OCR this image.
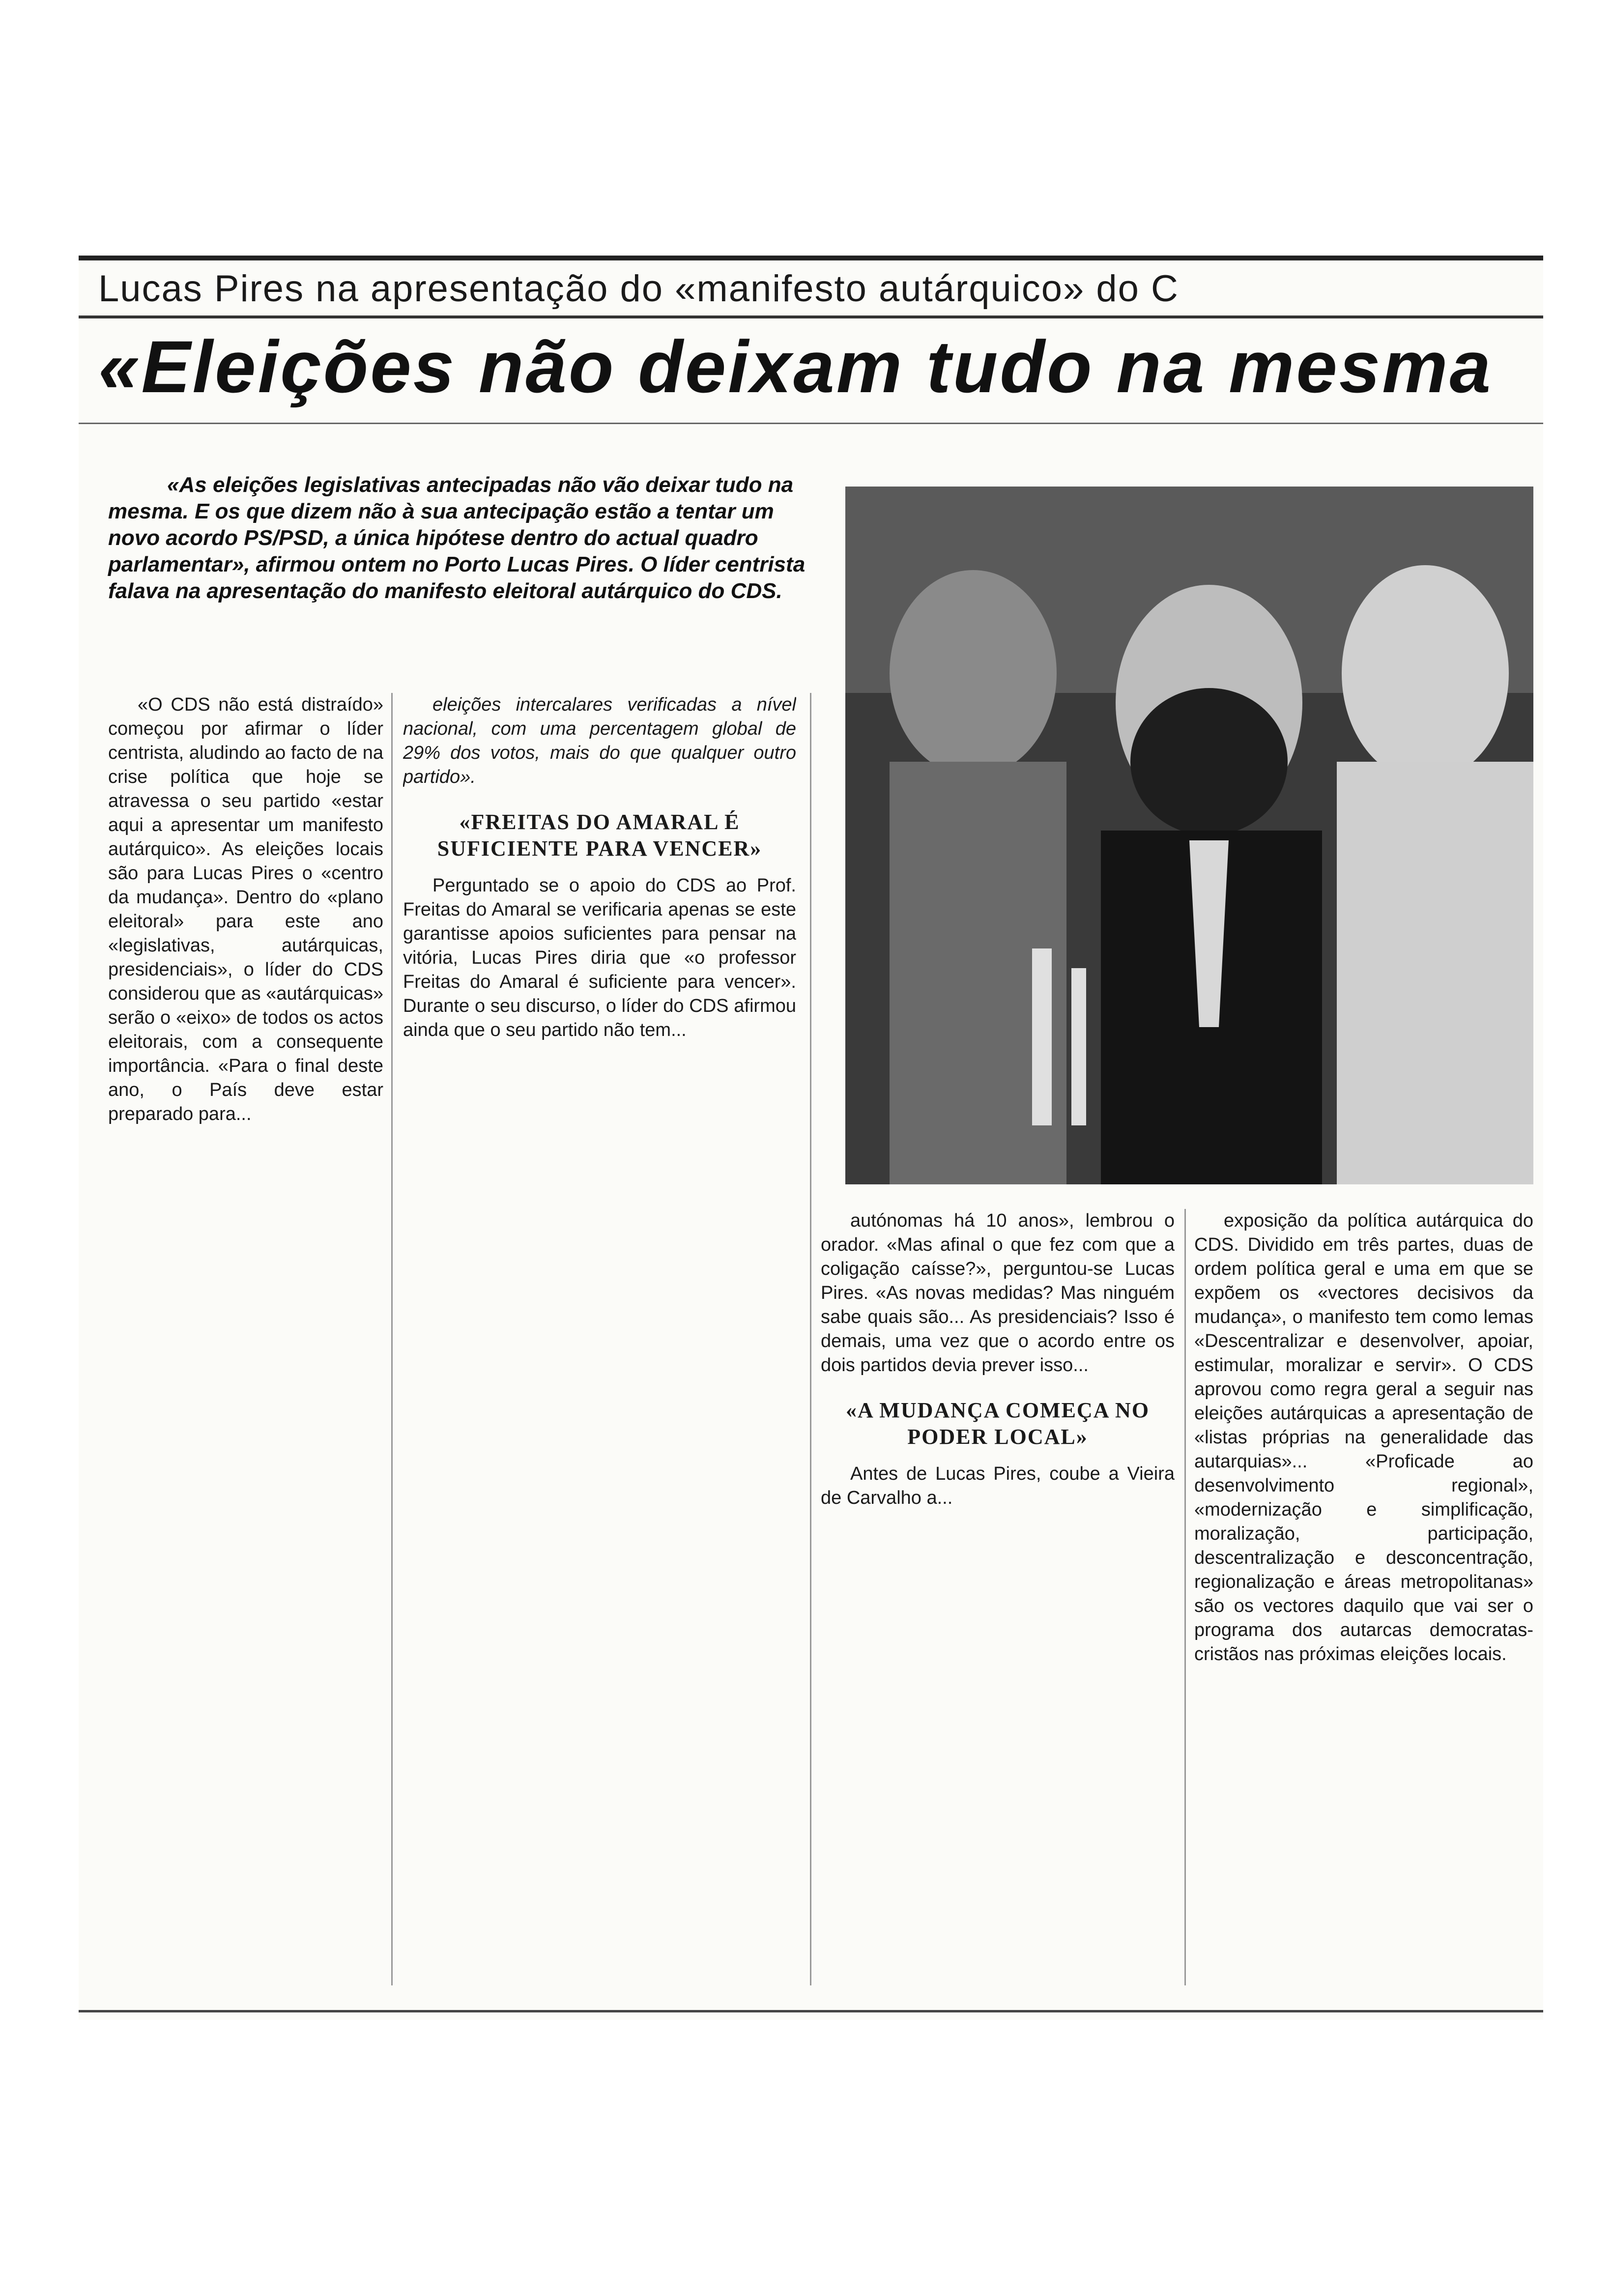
Lucas Pires na apresentação do «manifesto autárquico» do C
«Eleições não deixam tudo na mesma
«As eleições legislativas antecipadas não vão deixar tudo na mesma. E os que dizem não à sua antecipação estão a tentar um novo acordo PS/PSD, a única hipótese dentro do actual quadro parlamentar», afirmou ontem no Porto Lucas Pires. O líder centrista falava na apresentação do manifesto eleitoral autárquico do CDS.

«O CDS não está distraído» começou por afirmar o líder centrista, aludindo ao facto de na crise política que hoje se atravessa o seu partido «estar aqui a apresentar um manifesto autárquico». As eleições locais são para Lucas Pires o «centro da mudança». Dentro do «plano eleitoral» para este ano «legislativas, autárquicas, presidenciais», o líder do CDS considerou que as «autárquicas» serão o «eixo» de todos os actos eleitorais, com a consequente importância. «Para o final deste ano, o País deve estar preparado para...

eleições intercalares verificadas a nível nacional, com uma percentagem global de 29% dos votos, mais do que qualquer outro partido».

«FREITAS DO AMARAL É SUFICIENTE PARA VENCER»

Perguntado se o apoio do CDS ao Prof. Freitas do Amaral se verificaria apenas se este garantisse apoios suficientes para pensar na vitória, Lucas Pires diria que «o professor Freitas do Amaral é suficiente para vencer». Durante o seu discurso, o líder do CDS afirmou ainda que o seu partido não tem...

autónomas há 10 anos», lembrou o orador. «Mas afinal o que fez com que a coligação caísse?», perguntou-se Lucas Pires. «As novas medidas? Mas ninguém sabe quais são... As presidenciais? Isso é demais, uma vez que o acordo entre os dois partidos devia prever isso...

«A MUDANÇA COMEÇA NO PODER LOCAL»

Antes de Lucas Pires, coube a Vieira de Carvalho a...

exposição da política autárquica do CDS. Dividido em três partes, duas de ordem política geral e uma em que se expõem os «vectores decisivos da mudança», o manifesto tem como lemas «Descentralizar e desenvolver, apoiar, estimular, moralizar e servir». O CDS aprovou como regra geral a seguir nas eleições autárquicas a apresentação de «listas próprias na generalidade das autarquias»... «Proficade ao desenvolvimento regional», «modernização e simplificação, moralização, participação, descentralização e desconcentração, regionalização e áreas metropolitanas» são os vectores daquilo que vai ser o programa dos autarcas democratas-cristãos nas próximas eleições locais.
